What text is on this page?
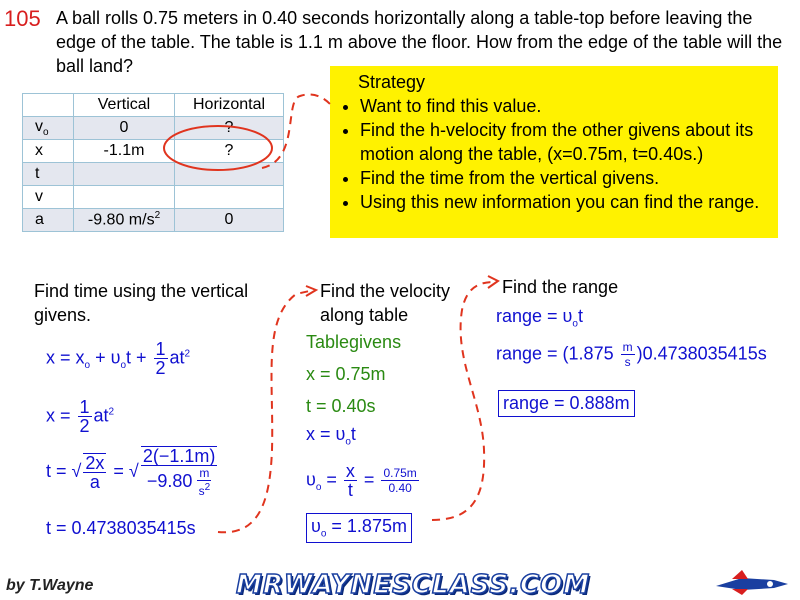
105 A ball rolls 0.75 meters in 0.40 seconds horizontally along a table-top before leaving the edge of the table. The table is 1.1 m above the floor. How from the edge of the table will the ball land?
	Vertical	Horizontal
$v_o$	0	?
x	-1.1m	?
t		
v		
a	-9.80 $m/s^2$	0
Strategy
• Want to find this value.
• Find the h-velocity from the other givens about its motion along the table, (x=0.75m, t=0.40s.)
• Find the time from the vertical givens.
• Using this new information you can find the range.
Find time using the vertical givens.
$x = x_o + \upsilon_ot + \frac{1}{2} at^2$
$x = \frac{1}{2} at^2$
t = √ $\frac{2x}{a}$ = √ $\frac{2(-1.1m)}{-9.80 \frac{m}{s^2}}$
t = 0.4738035415s
Find the velocity along table
Tablegivens
x = 0.75m
t = 0.40s
$x = \upsilon_ot$
$\upsilon_o = \frac{x}{t} = \frac{0.75m}{0.40}$
$\upsilon_o = 1.875m$
Find the range
range = $\upsilon_ot$
range = $(1.875 \frac{m}{s} )0.4738035415s$
range = 0.888m
by T.Wayne	MRWAYNESCLASS.COM
